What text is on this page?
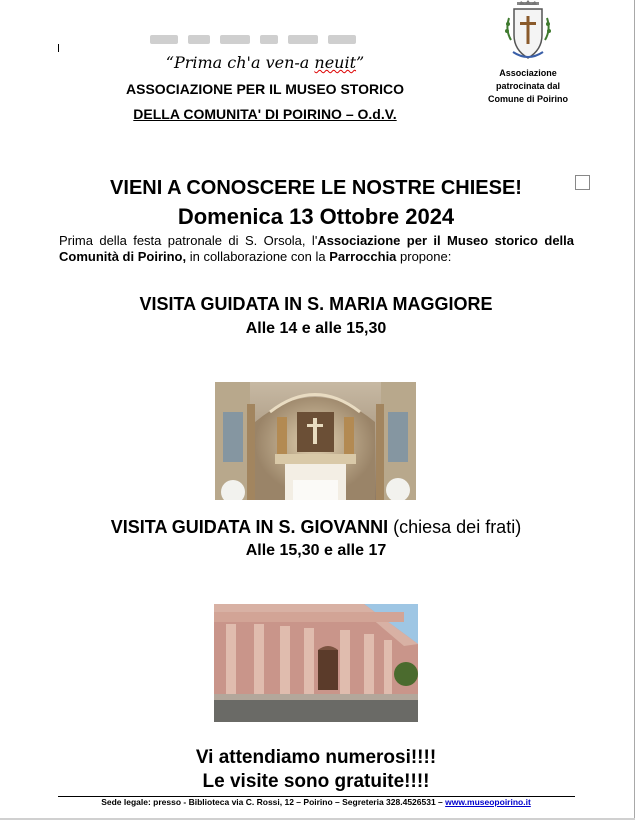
“Prima ch'a ven-a neuit”
ASSOCIAZIONE PER IL MUSEO STORICO
DELLA COMUNITA' DI POIRINO – O.d.V.
Associazione
patrocinata dal
Comune di Poirino
VIENI A CONOSCERE LE NOSTRE CHIESE!
Domenica 13 Ottobre 2024
Prima della festa patronale di S. Orsola, l'Associazione per il Museo storico della Comunità di Poirino, in collaborazione con la Parrocchia propone:
VISITA GUIDATA IN S. MARIA MAGGIORE
Alle 14 e alle 15,30
VISITA GUIDATA IN S. GIOVANNI (chiesa dei frati)
Alle 15,30 e alle 17
Vi attendiamo numerosi!!!!
Le visite sono gratuite!!!!
Sede legale: presso - Biblioteca via C. Rossi, 12 – Poirino – Segreteria 328.4526531 – www.museopoirino.it
